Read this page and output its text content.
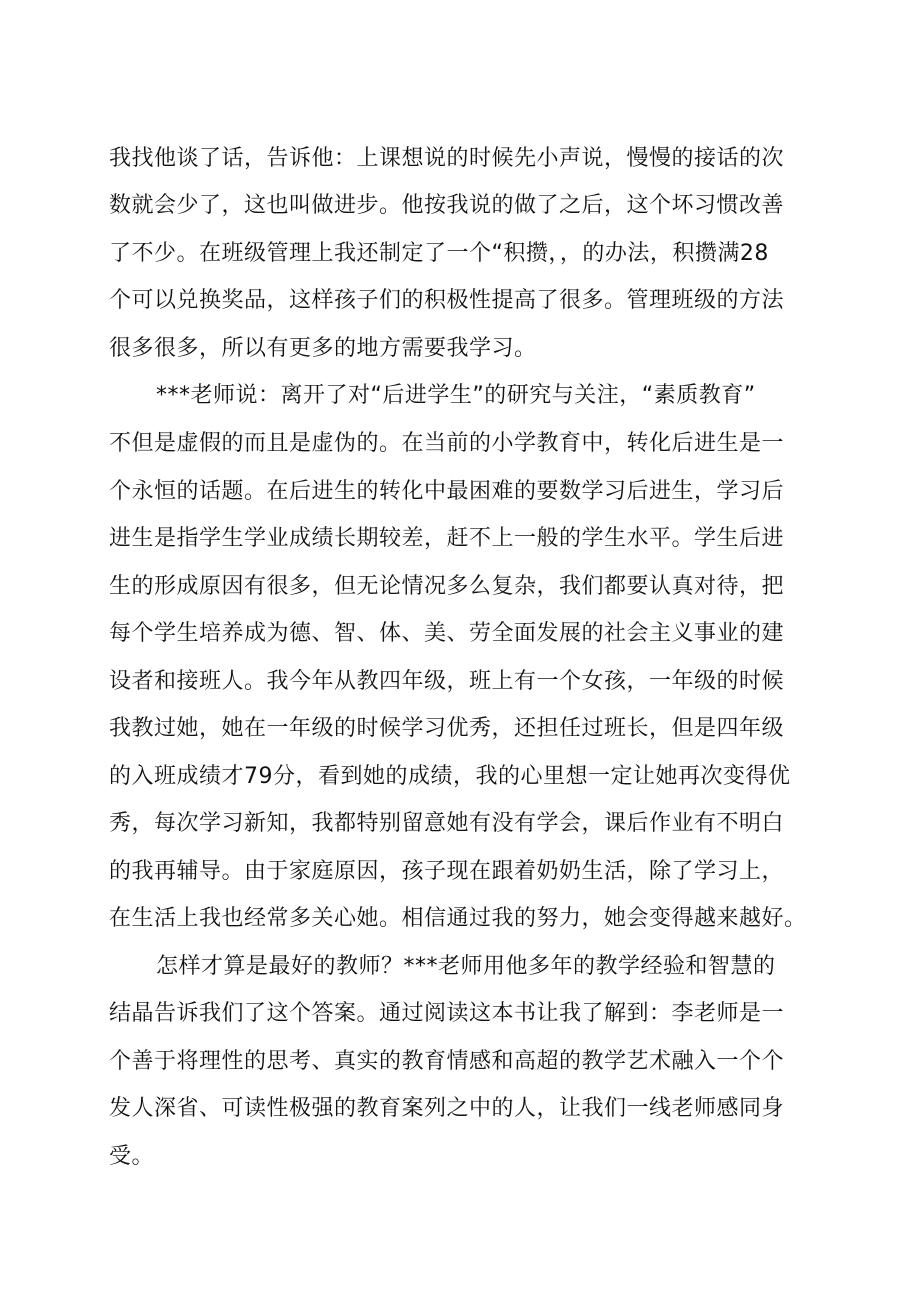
我找他谈了话，告诉他：上课想说的时候先小声说，慢慢的接话的次
数就会少了，这也叫做进步。他按我说的做了之后，这个坏习惯改善
了不少。在班级管理上我还制定了一个“积攒，，的办法，积攒满28
个可以兑换奖品，这样孩子们的积极性提高了很多。管理班级的方法
很多很多，所以有更多的地方需要我学习。
***老师说：离开了对“后进学生”的研究与关注，“素质教育”
不但是虚假的而且是虚伪的。在当前的小学教育中，转化后进生是一
个永恒的话题。在后进生的转化中最困难的要数学习后进生，学习后
进生是指学生学业成绩长期较差，赶不上一般的学生水平。学生后进
生的形成原因有很多，但无论情况多么复杂，我们都要认真对待，把
每个学生培养成为德、智、体、美、劳全面发展的社会主义事业的建
设者和接班人。我今年从教四年级，班上有一个女孩，一年级的时候
我教过她，她在一年级的时候学习优秀，还担任过班长，但是四年级
的入班成绩才79分，看到她的成绩，我的心里想一定让她再次变得优
秀，每次学习新知，我都特别留意她有没有学会，课后作业有不明白
的我再辅导。由于家庭原因，孩子现在跟着奶奶生活，除了学习上，
在生活上我也经常多关心她。相信通过我的努力，她会变得越来越好。
怎样才算是最好的教师？***老师用他多年的教学经验和智慧的
结晶告诉我们了这个答案。通过阅读这本书让我了解到：李老师是一
个善于将理性的思考、真实的教育情感和高超的教学艺术融入一个个
发人深省、可读性极强的教育案列之中的人，让我们一线老师感同身
受。
